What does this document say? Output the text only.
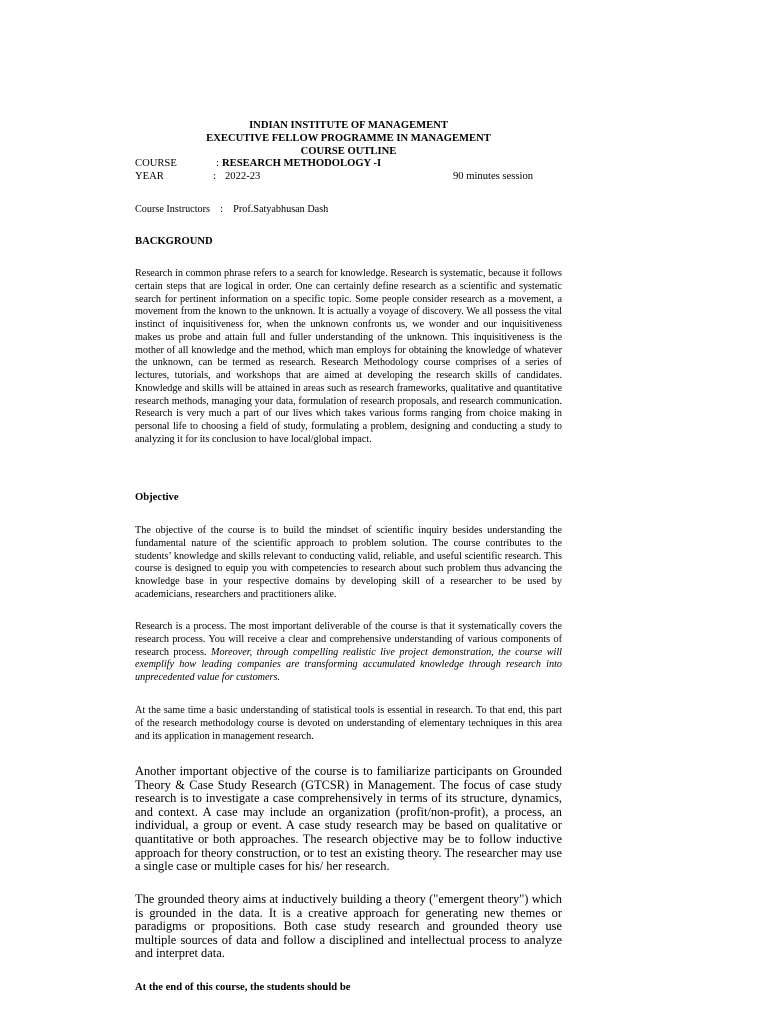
INDIAN INSTITUTE OF MANAGEMENT
EXECUTIVE FELLOW PROGRAMME IN MANAGEMENT
COURSE OUTLINE
COURSE	: RESEARCH METHODOLOGY -I
YEAR	: 2022-23	90 minutes session
Course Instructors    :    Prof.Satyabhusan Dash
BACKGROUND
Research in common phrase refers to a search for knowledge. Research is systematic, because it follows certain steps that are logical in order. One can certainly define research as a scientific and systematic search for pertinent information on a specific topic. Some people consider research as a movement, a movement from the known to the unknown. It is actually a voyage of discovery. We all possess the vital instinct of inquisitiveness for, when the unknown confronts us, we wonder and our inquisitiveness makes us probe and attain full and fuller understanding of the unknown. This inquisitiveness is the mother of all knowledge and the method, which man employs for obtaining the knowledge of whatever the unknown, can be termed as research. Research Methodology course comprises of a series of lectures, tutorials, and workshops that are aimed at developing the research skills of candidates. Knowledge and skills will be attained in areas such as research frameworks, qualitative and quantitative research methods, managing your data, formulation of research proposals, and research communication. Research is very much a part of our lives which takes various forms ranging from choice making in personal life to choosing a field of study, formulating a problem, designing and conducting a study to analyzing it for its conclusion to have local/global impact.
Objective
The objective of the course is to build the mindset of scientific inquiry besides understanding the fundamental nature of the scientific approach to problem solution. The course contributes to the students’ knowledge and skills relevant to conducting valid, reliable, and useful scientific research. This course is designed to equip you with competencies to research about such problem thus advancing the knowledge base in your respective domains by developing skill of a researcher to be used by academicians, researchers and practitioners alike.
Research is a process. The most important deliverable of the course is that it systematically covers the research process. You will receive a clear and comprehensive understanding of various components of research process. Moreover, through compelling realistic live project demonstration, the course will exemplify how leading companies are transforming accumulated knowledge through research into unprecedented value for customers.
At the same time a basic understanding of statistical tools is essential in research. To that end, this part of the research methodology course is devoted on understanding of elementary techniques in this area and its application in management research.
Another important objective of the course is to familiarize participants on Grounded Theory & Case Study Research (GTCSR) in Management. The focus of case study research is to investigate a case comprehensively in terms of its structure, dynamics, and context. A case may include an organization (profit/non-profit), a process, an individual, a group or event. A case study research may be based on qualitative or quantitative or both approaches. The research objective may be to follow inductive approach for theory construction, or to test an existing theory. The researcher may use a single case or multiple cases for his/ her research.
The grounded theory aims at inductively building a theory ("emergent theory") which is grounded in the data. It is a creative approach for generating new themes or paradigms or propositions. Both case study research and grounded theory use multiple sources of data and follow a disciplined and intellectual process to analyze and interpret data.
At the end of this course, the students should be
